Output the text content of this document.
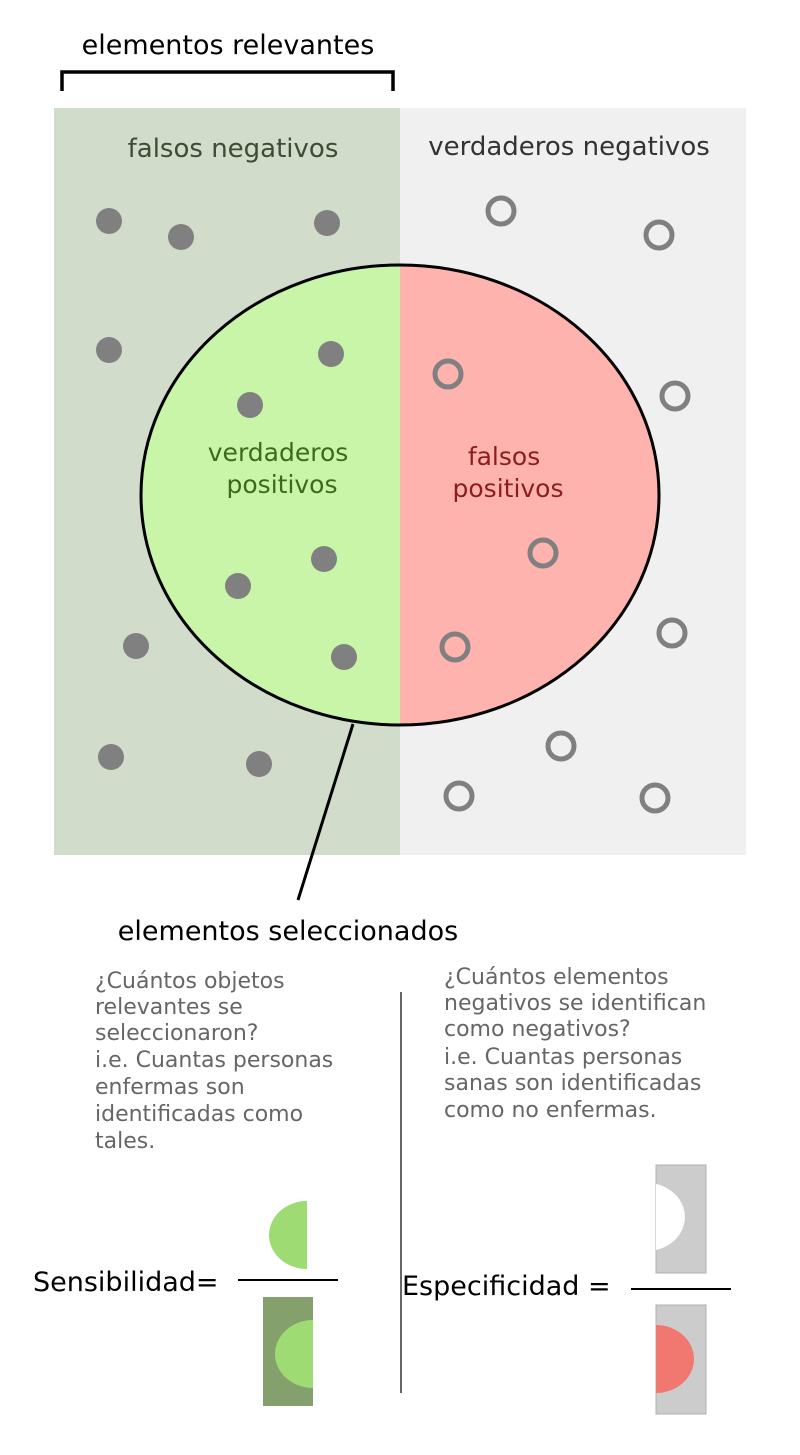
elementos relevantes
falsos negativos	verdaderos negativos
verdaderos positivos
falsos positivos
elementos seleccionados
¿Cuántos objetos relevantes se seleccionaron? i.e. Cuantas personas enfermas son identificadas como tales.
¿Cuántos elementos negativos se identifican como negativos? i.e. Cuantas personas sanas son identificadas como no enfermas.
Sensibilidad=	Especificidad =
